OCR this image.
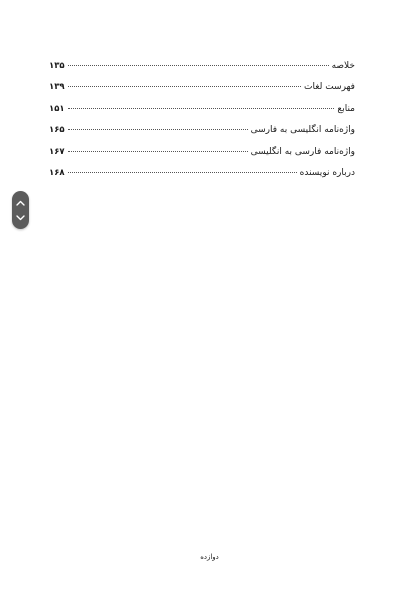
خلاصه
۱۳۵
فهرست لغات
۱۳۹
منابع
۱۵۱
واژه‌نامه انگلیسی به فارسی
۱۶۵
واژه‌نامه فارسی به انگلیسی
۱۶۷
درباره نویسنده
۱۶۸
دوازده
